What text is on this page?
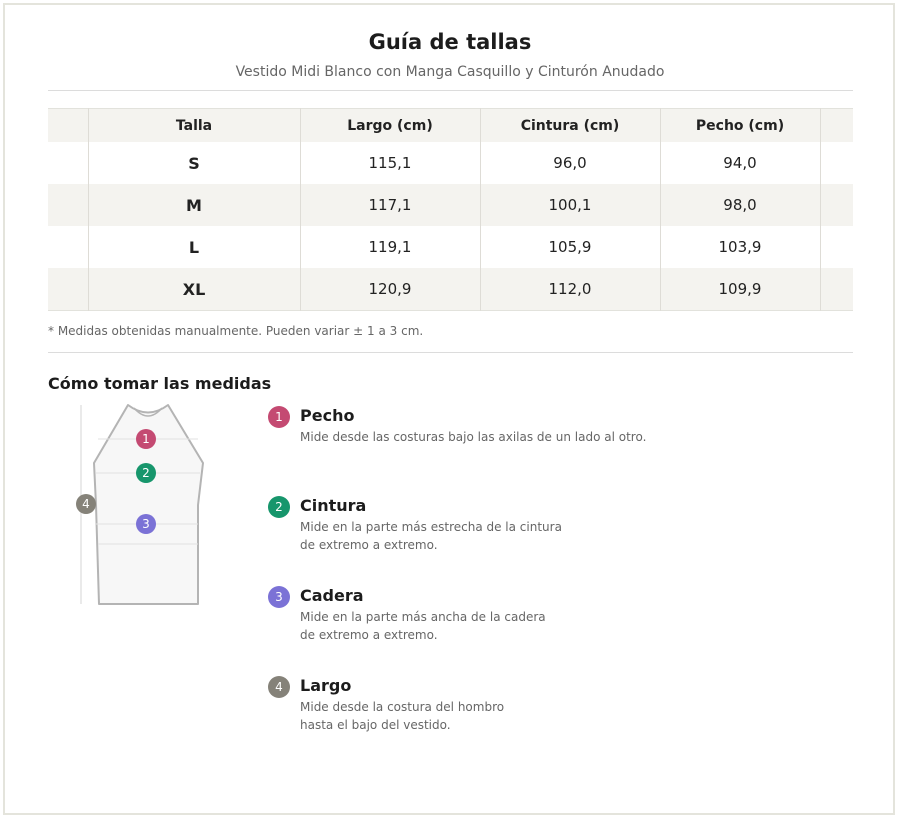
Guía de tallas
Vestido Midi Blanco con Manga Casquillo y Cinturón Anudado
	Talla	Largo (cm)	Cintura (cm)	Pecho (cm)	
	S	115,1	96,0	94,0	
	M	117,1	100,1	98,0	
	L	119,1	105,9	103,9	
	XL	120,9	112,0	109,9	
* Medidas obtenidas manualmente. Pueden variar ± 1 a 3 cm.
Cómo tomar las medidas
1
2
3
4
1	Pecho
Mide desde las costuras bajo las axilas de un lado al otro.
2	Cintura
Mide en la parte más estrecha de la cintura
de extremo a extremo.
3	Cadera
Mide en la parte más ancha de la cadera
de extremo a extremo.
4	Largo
Mide desde la costura del hombro
hasta el bajo del vestido.
